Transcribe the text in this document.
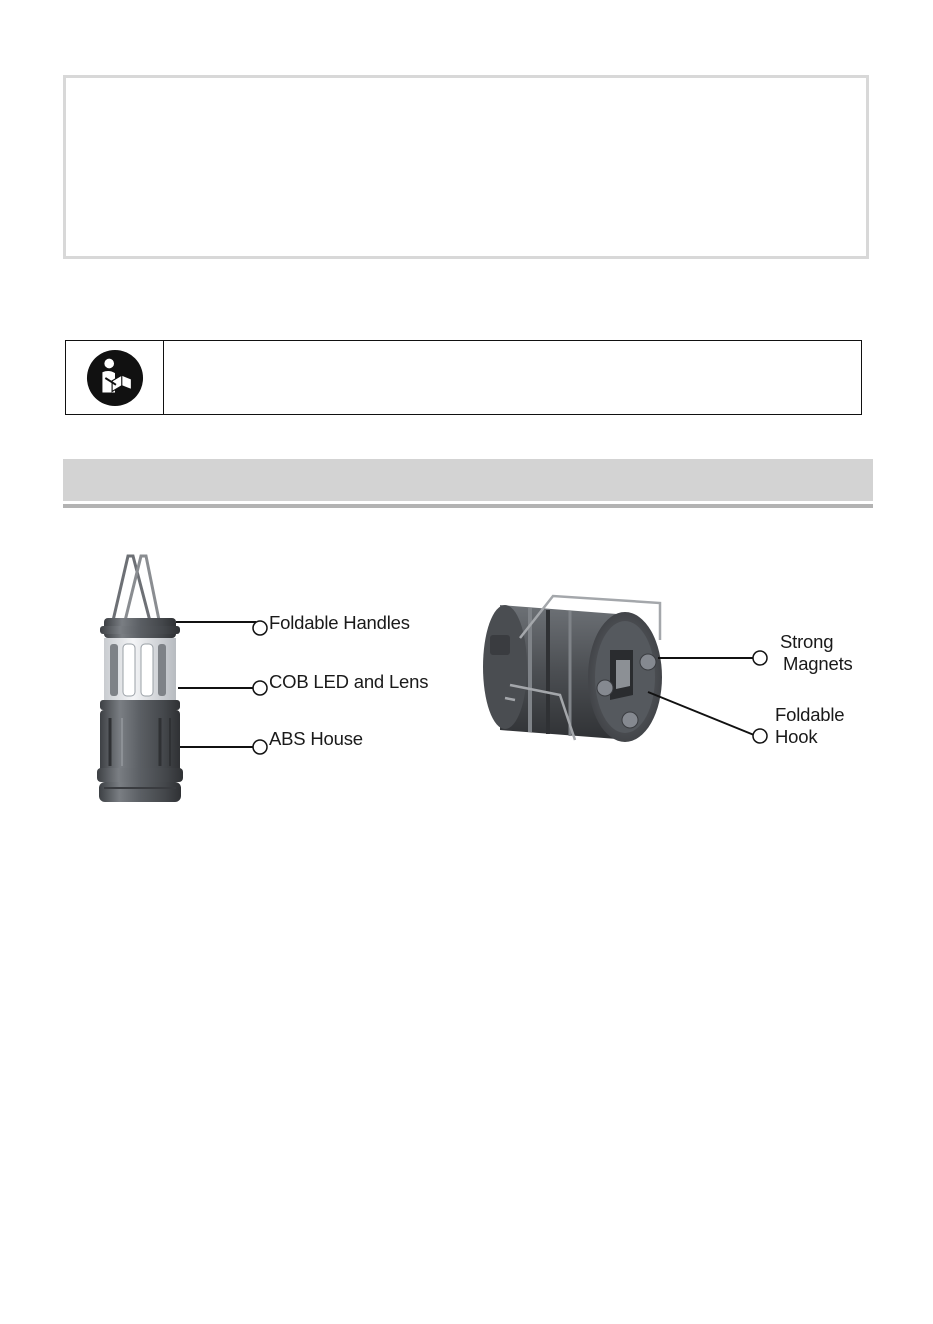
Foldable Handles
COB LED and Lens
ABS House
Strong
Magnets
Foldable
Hook
